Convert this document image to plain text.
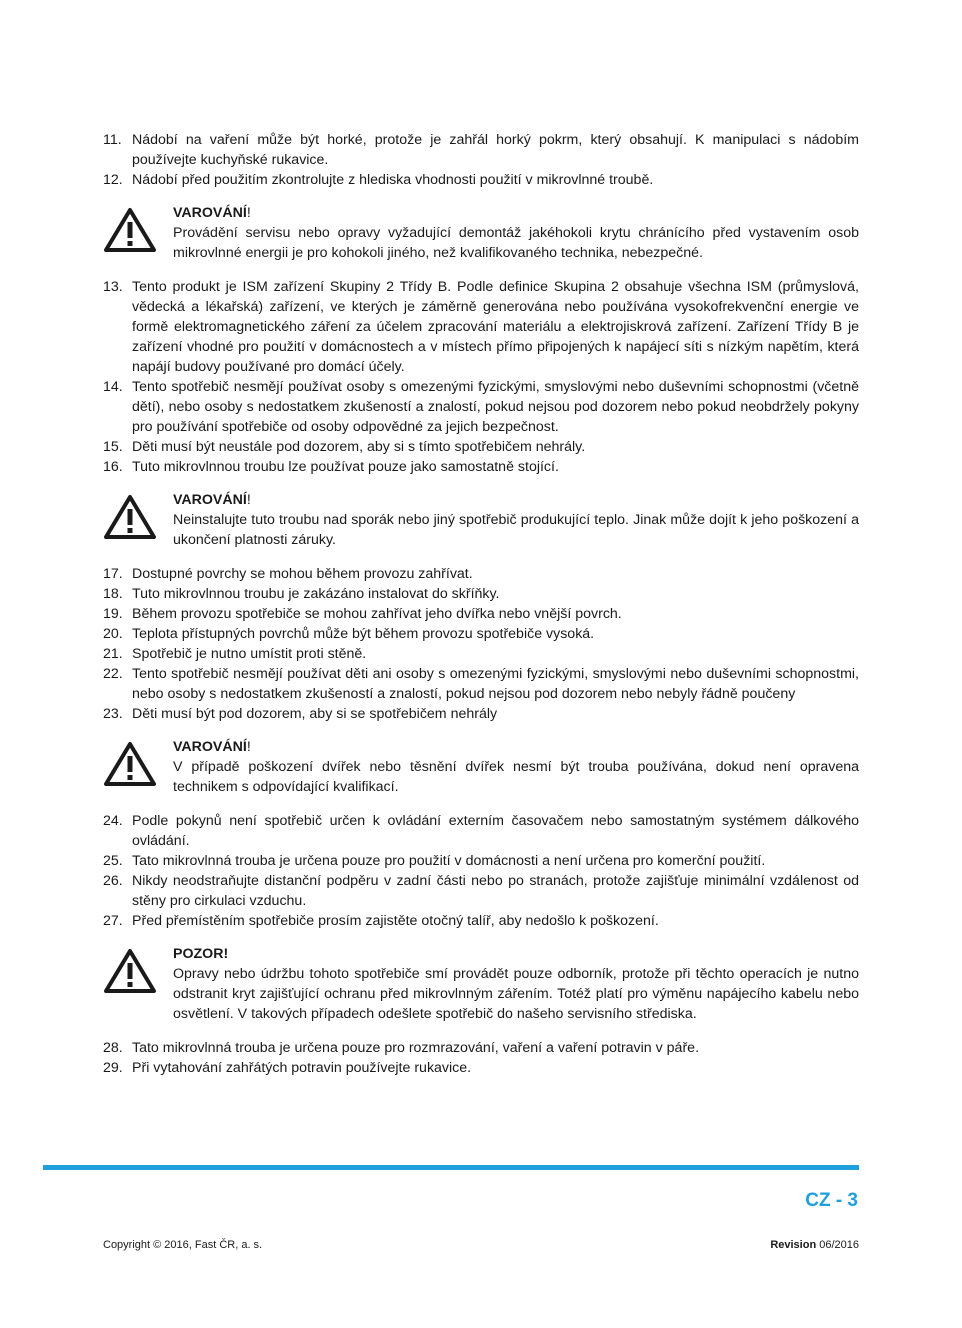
11. Nádobí na vaření může být horké, protože je zahřál horký pokrm, který obsahují. K manipulaci s nádobím používejte kuchyňské rukavice.
12. Nádobí před použitím zkontrolujte z hlediska vhodnosti použití v mikrovlnné troubě.
VAROVÁNÍ!
Provádění servisu nebo opravy vyžadující demontáž jakéhokoli krytu chránícího před vystavením osob mikrovlnné energii je pro kohokoli jiného, než kvalifikovaného technika, nebezpečné.
13. Tento produkt je ISM zařízení Skupiny 2 Třídy B. Podle definice Skupina 2 obsahuje všechna ISM (průmyslová, vědecká a lékařská) zařízení, ve kterých je záměrně generována nebo používána vysokofrekvenční energie ve formě elektromagnetického záření za účelem zpracování materiálu a elektrojiskrová zařízení. Zařízení Třídy B je zařízení vhodné pro použití v domácnostech a v místech přímo připojených k napájecí síti s nízkým napětím, která napájí budovy používané pro domácí účely.
14. Tento spotřebič nesmějí používat osoby s omezenými fyzickými, smyslovými nebo duševními schopnostmi (včetně dětí), nebo osoby s nedostatkem zkušeností a znalostí, pokud nejsou pod dozorem nebo pokud neobdržely pokyny pro používání spotřebiče od osoby odpovědné za jejich bezpečnost.
15. Děti musí být neustále pod dozorem, aby si s tímto spotřebičem nehrály.
16. Tuto mikrovlnnou troubu lze používat pouze jako samostatně stojící.
VAROVÁNÍ!
Neinstalujte tuto troubu nad sporák nebo jiný spotřebič produkující teplo. Jinak může dojít k jeho poškození a ukončení platnosti záruky.
17. Dostupné povrchy se mohou během provozu zahřívat.
18. Tuto mikrovlnnou troubu je zakázáno instalovat do skříňky.
19. Během provozu spotřebiče se mohou zahřívat jeho dvířka nebo vnější povrch.
20. Teplota přístupných povrchů může být během provozu spotřebiče vysoká.
21. Spotřebič je nutno umístit proti stěně.
22. Tento spotřebič nesmějí používat děti ani osoby s omezenými fyzickými, smyslovými nebo duševními schopnostmi, nebo osoby s nedostatkem zkušeností a znalostí, pokud nejsou pod dozorem nebo nebyly řádně poučeny
23. Děti musí být pod dozorem, aby si se spotřebičem nehrály
VAROVÁNÍ!
V případě poškození dvířek nebo těsnění dvířek nesmí být trouba používána, dokud není opravena technikem s odpovídající kvalifikací.
24. Podle pokynů není spotřebič určen k ovládání externím časovačem nebo samostatným systémem dálkového ovládání.
25. Tato mikrovlnná trouba je určena pouze pro použití v domácnosti a není určena pro komerční použití.
26. Nikdy neodstraňujte distanční podpěru v zadní části nebo po stranách, protože zajišťuje minimální vzdálenost od stěny pro cirkulaci vzduchu.
27. Před přemístěním spotřebiče prosím zajistěte otočný talíř, aby nedošlo k poškození.
POZOR!
Opravy nebo údržbu tohoto spotřebiče smí provádět pouze odborník, protože při těchto operacích je nutno odstranit kryt zajišťující ochranu před mikrovlnným zářením. Totéž platí pro výměnu napájecího kabelu nebo osvětlení. V takových případech odešlete spotřebič do našeho servisního střediska.
28. Tato mikrovlnná trouba je určena pouze pro rozmrazování, vaření a vaření potravin v páře.
29. Při vytahování zahřátých potravin používejte rukavice.
CZ - 3
Copyright © 2016, Fast ČR, a. s.	Revision 06/2016
